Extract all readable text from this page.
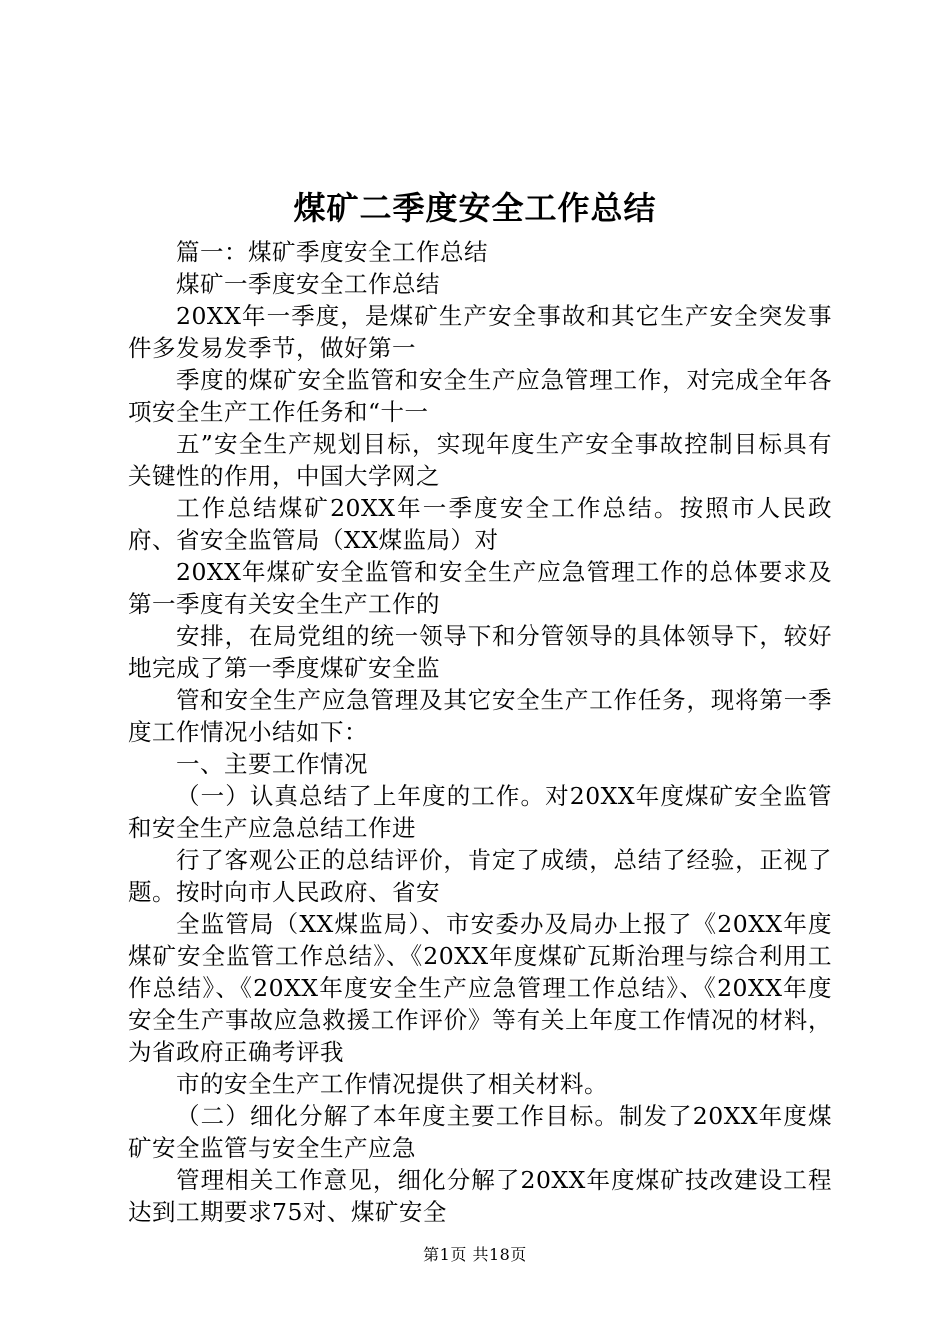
煤矿二季度安全工作总结

篇一：煤矿季度安全工作总结

煤矿一季度安全工作总结

20XX年一季度，是煤矿生产安全事故和其它生产安全突发事件多发易发季节，做好第一

季度的煤矿安全监管和安全生产应急管理工作，对完成全年各项安全生产工作任务和“十一

五”安全生产规划目标，实现年度生产安全事故控制目标具有关键性的作用，中国大学网之

工作总结煤矿20XX年一季度安全工作总结。按照市人民政府、省安全监管局（XX煤监局）对

20XX年煤矿安全监管和安全生产应急管理工作的总体要求及第一季度有关安全生产工作的

安排，在局党组的统一领导下和分管领导的具体领导下，较好地完成了第一季度煤矿安全监

管和安全生产应急管理及其它安全生产工作任务，现将第一季度工作情况小结如下：

一、主要工作情况

（一）认真总结了上年度的工作。对20XX年度煤矿安全监管和安全生产应急总结工作进

行了客观公正的总结评价，肯定了成绩，总结了经验，正视了题。按时向市人民政府、省安

全监管局（XX煤监局）、市安委办及局办上报了《20XX年度煤矿安全监管工作总结》、《20XX年度煤矿瓦斯治理与综合利用工作总结》、《20XX年度安全生产应急管理工作总结》、《20XX年度安全生产事故应急救援工作评价》等有关上年度工作情况的材料，为省政府正确考评我

市的安全生产工作情况提供了相关材料。

（二）细化分解了本年度主要工作目标。制发了20XX年度煤矿安全监管与安全生产应急

管理相关工作意见，细化分解了20XX年度煤矿技改建设工程达到工期要求75对、煤矿安全

第1页 共18页
